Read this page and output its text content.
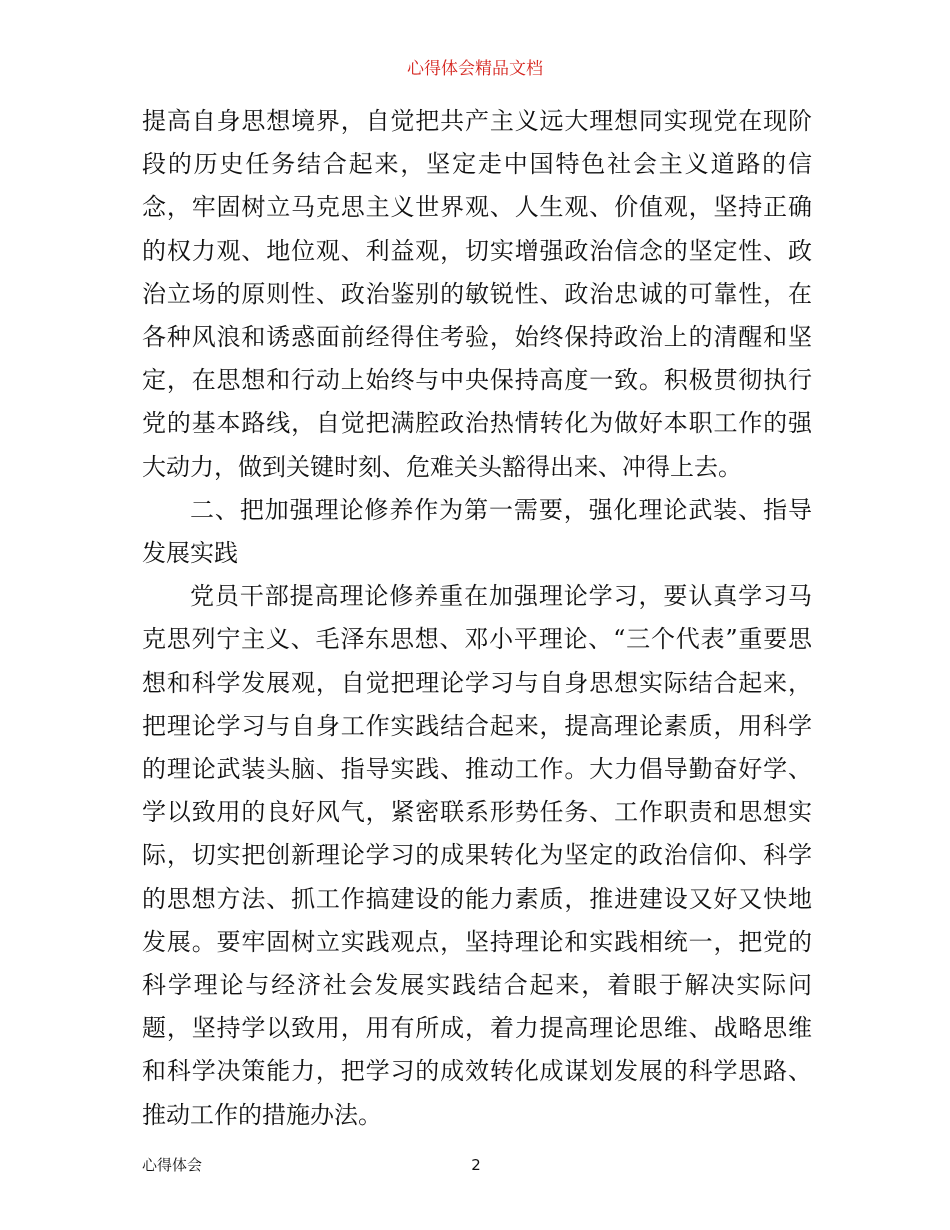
心得体会精品文档

提高自身思想境界，自觉把共产主义远大理想同实现党在现阶段的历史任务结合起来，坚定走中国特色社会主义道路的信念，牢固树立马克思主义世界观、人生观、价值观，坚持正确的权力观、地位观、利益观，切实增强政治信念的坚定性、政治立场的原则性、政治鉴别的敏锐性、政治忠诚的可靠性，在各种风浪和诱惑面前经得住考验，始终保持政治上的清醒和坚定，在思想和行动上始终与中央保持高度一致。积极贯彻执行党的基本路线，自觉把满腔政治热情转化为做好本职工作的强大动力，做到关键时刻、危难关头豁得出来、冲得上去。

二、把加强理论修养作为第一需要，强化理论武装、指导发展实践

党员干部提高理论修养重在加强理论学习，要认真学习马克思列宁主义、毛泽东思想、邓小平理论、“三个代表”重要思想和科学发展观，自觉把理论学习与自身思想实际结合起来，把理论学习与自身工作实践结合起来，提高理论素质，用科学的理论武装头脑、指导实践、推动工作。大力倡导勤奋好学、学以致用的良好风气，紧密联系形势任务、工作职责和思想实际，切实把创新理论学习的成果转化为坚定的政治信仰、科学的思想方法、抓工作搞建设的能力素质，推进建设又好又快地发展。要牢固树立实践观点，坚持理论和实践相统一，把党的科学理论与经济社会发展实践结合起来，着眼于解决实际问题，坚持学以致用，用有所成，着力提高理论思维、战略思维和科学决策能力，把学习的成效转化成谋划发展的科学思路、推动工作的措施办法。

心得体会	2
